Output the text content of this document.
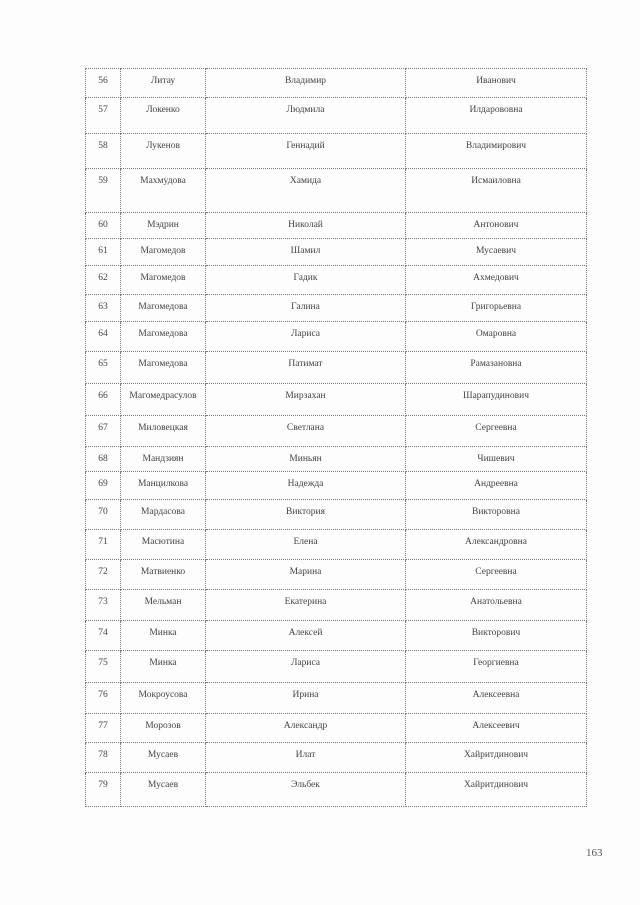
56	Литау	Владимир	Иванович
57	Локенко	Людмила	Илдарововна
58	Лукенов	Геннадий	Владимирович
59	Махмудова	Хамида	Исмаиловна
60	Мэдрин	Николай	Антонович
61	Магомедов	Шамил	Мусаевич
62	Магомедов	Гадик	Ахмедович
63	Магомедова	Галина	Григорьевна
64	Магомедова	Лариса	Омаровна
65	Магомедова	Патимат	Рамазановна
66	Магомедрасулов	Мирзахан	Шарапудинович
67	Миловецкая	Светлана	Сергеевна
68	Мандзиян	Миньян	Чишевич
69	Манцилкова	Надежда	Андреевна
70	Мардасова	Виктория	Викторовна
71	Масютина	Елена	Александровна
72	Матвиенко	Марина	Сергеевна
73	Мельман	Екатерина	Анатольевна
74	Минка	Алексей	Викторович
75	Минка	Лариса	Георгиевна
76	Мокроусова	Ирина	Алексеевна
77	Морозов	Александр	Алексеевич
78	Мусаев	Илат	Хайритдинович
79	Мусаев	Эльбек	Хайритдинович
163
